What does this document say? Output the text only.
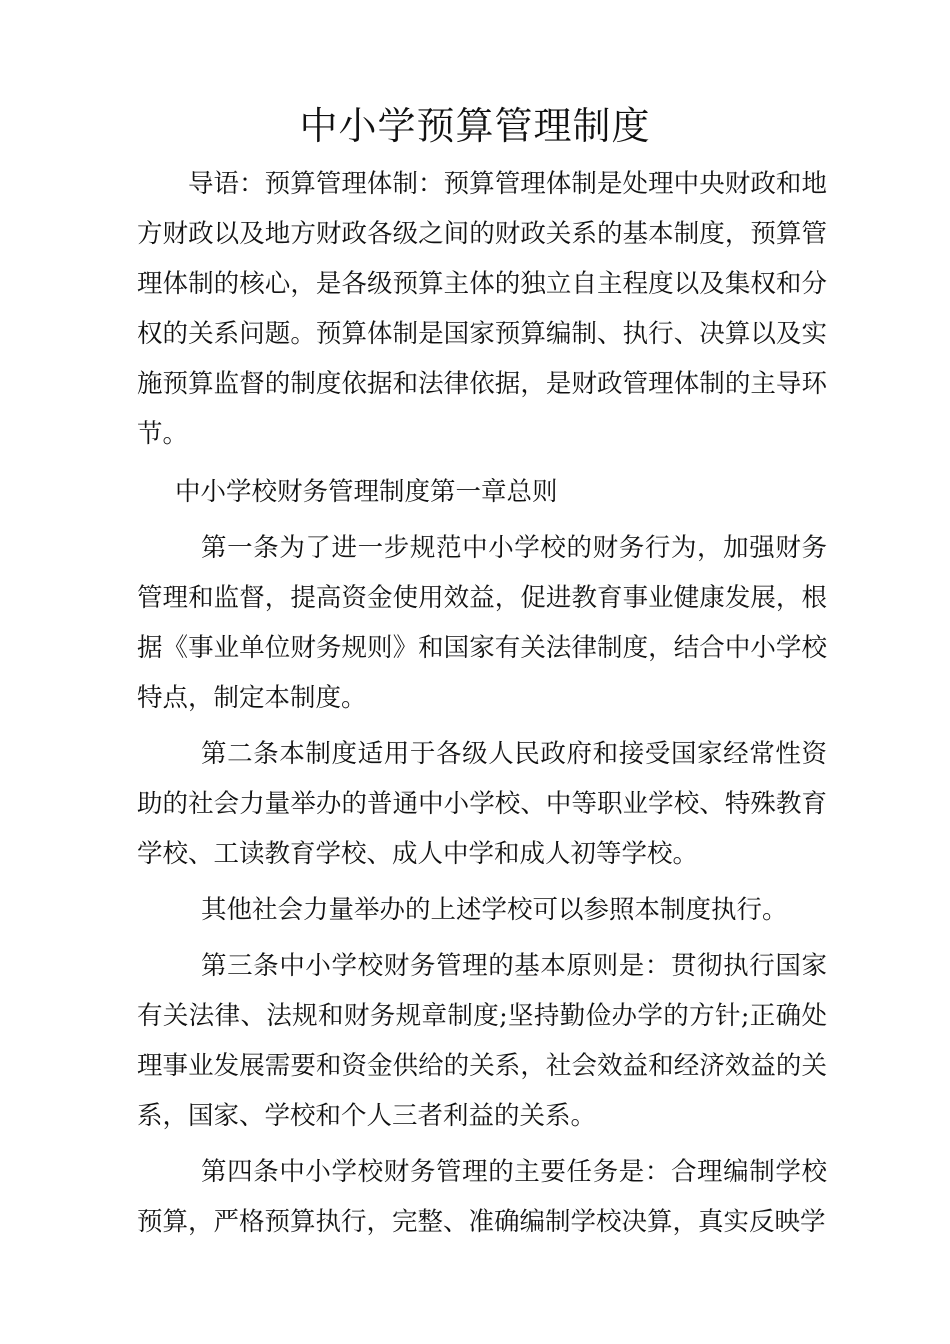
中小学预算管理制度

导语：预算管理体制：预算管理体制是处理中央财政和地方财政以及地方财政各级之间的财政关系的基本制度，预算管理体制的核心，是各级预算主体的独立自主程度以及集权和分权的关系问题。预算体制是国家预算编制、执行、决算以及实施预算监督的制度依据和法律依据，是财政管理体制的主导环节。

中小学校财务管理制度第一章总则

第一条为了进一步规范中小学校的财务行为，加强财务管理和监督，提高资金使用效益，促进教育事业健康发展，根据《事业单位财务规则》和国家有关法律制度，结合中小学校特点，制定本制度。

第二条本制度适用于各级人民政府和接受国家经常性资助的社会力量举办的普通中小学校、中等职业学校、特殊教育学校、工读教育学校、成人中学和成人初等学校。

其他社会力量举办的上述学校可以参照本制度执行。

第三条中小学校财务管理的基本原则是：贯彻执行国家有关法律、法规和财务规章制度;坚持勤俭办学的方针;正确处理事业发展需要和资金供给的关系，社会效益和经济效益的关系，国家、学校和个人三者利益的关系。

第四条中小学校财务管理的主要任务是：合理编制学校预算，严格预算执行，完整、准确编制学校决算，真实反映学
